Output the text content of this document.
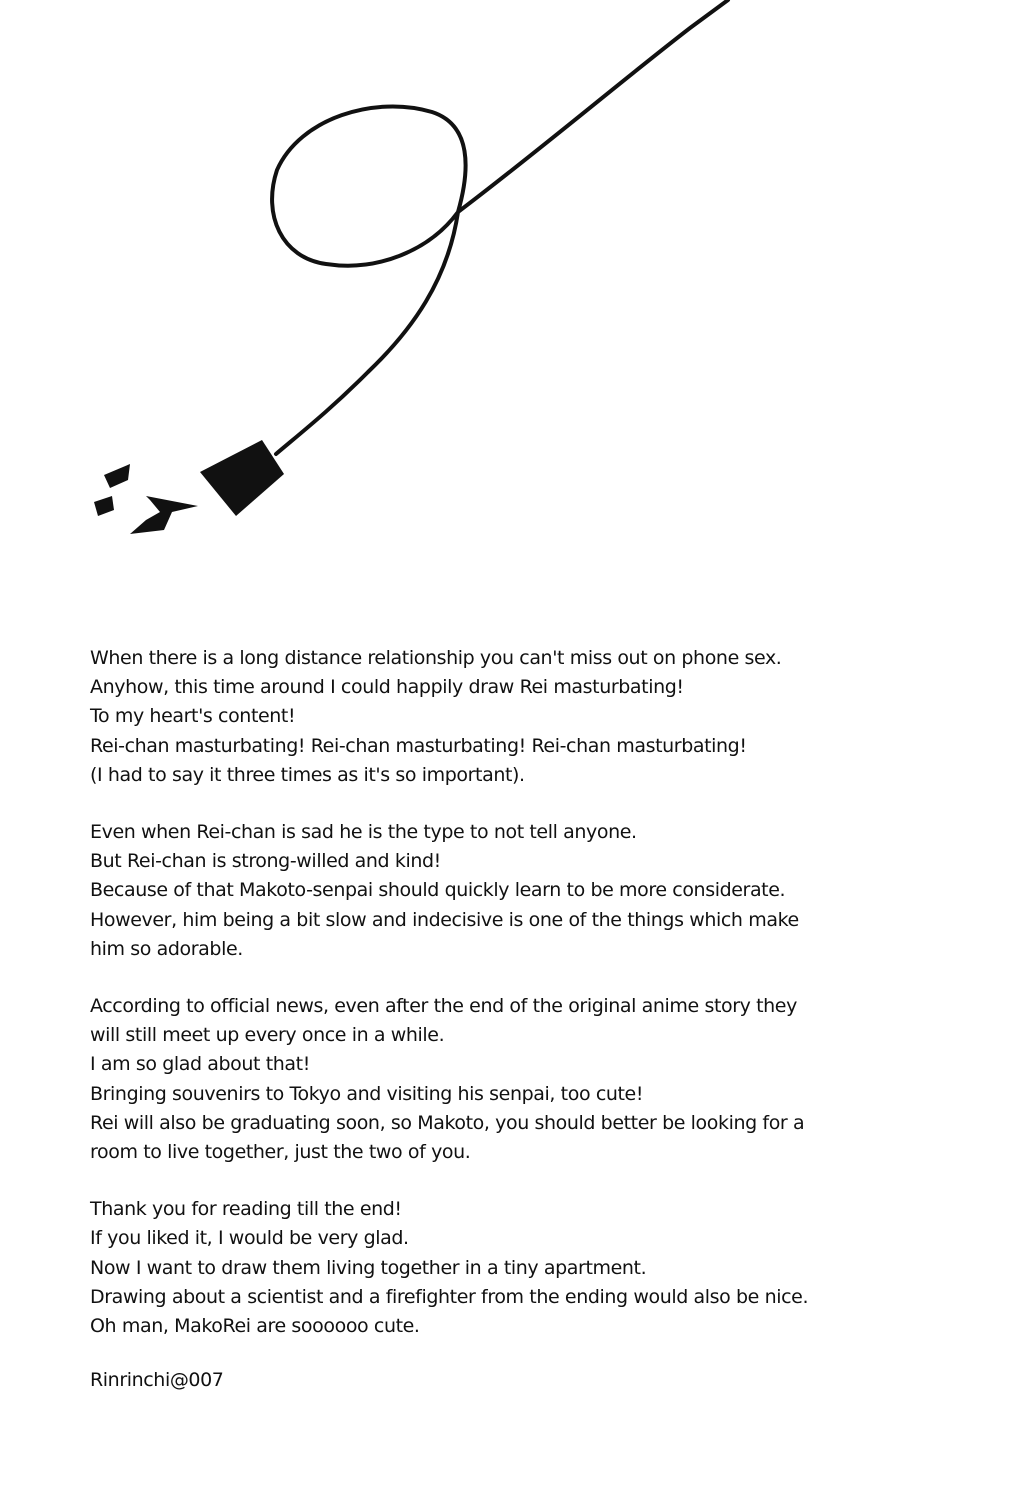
When there is a long distance relationship you can't miss out on phone sex.
Anyhow, this time around I could happily draw Rei masturbating!
To my heart's content!
Rei-chan masturbating! Rei-chan masturbating! Rei-chan masturbating!
(I had to say it three times as it's so important).
Even when Rei-chan is sad he is the type to not tell anyone.
But Rei-chan is strong-willed and kind!
Because of that Makoto-senpai should quickly learn to be more considerate.
However, him being a bit slow and indecisive is one of the things which make
him so adorable.
According to official news, even after the end of the original anime story they
will still meet up every once in a while.
I am so glad about that!
Bringing souvenirs to Tokyo and visiting his senpai, too cute!
Rei will also be graduating soon, so Makoto, you should better be looking for a
room to live together, just the two of you.
Thank you for reading till the end!
If you liked it, I would be very glad.
Now I want to draw them living together in a tiny apartment.
Drawing about a scientist and a firefighter from the ending would also be nice.
Oh man, MakoRei are soooooo cute.
Rinrinchi@007
